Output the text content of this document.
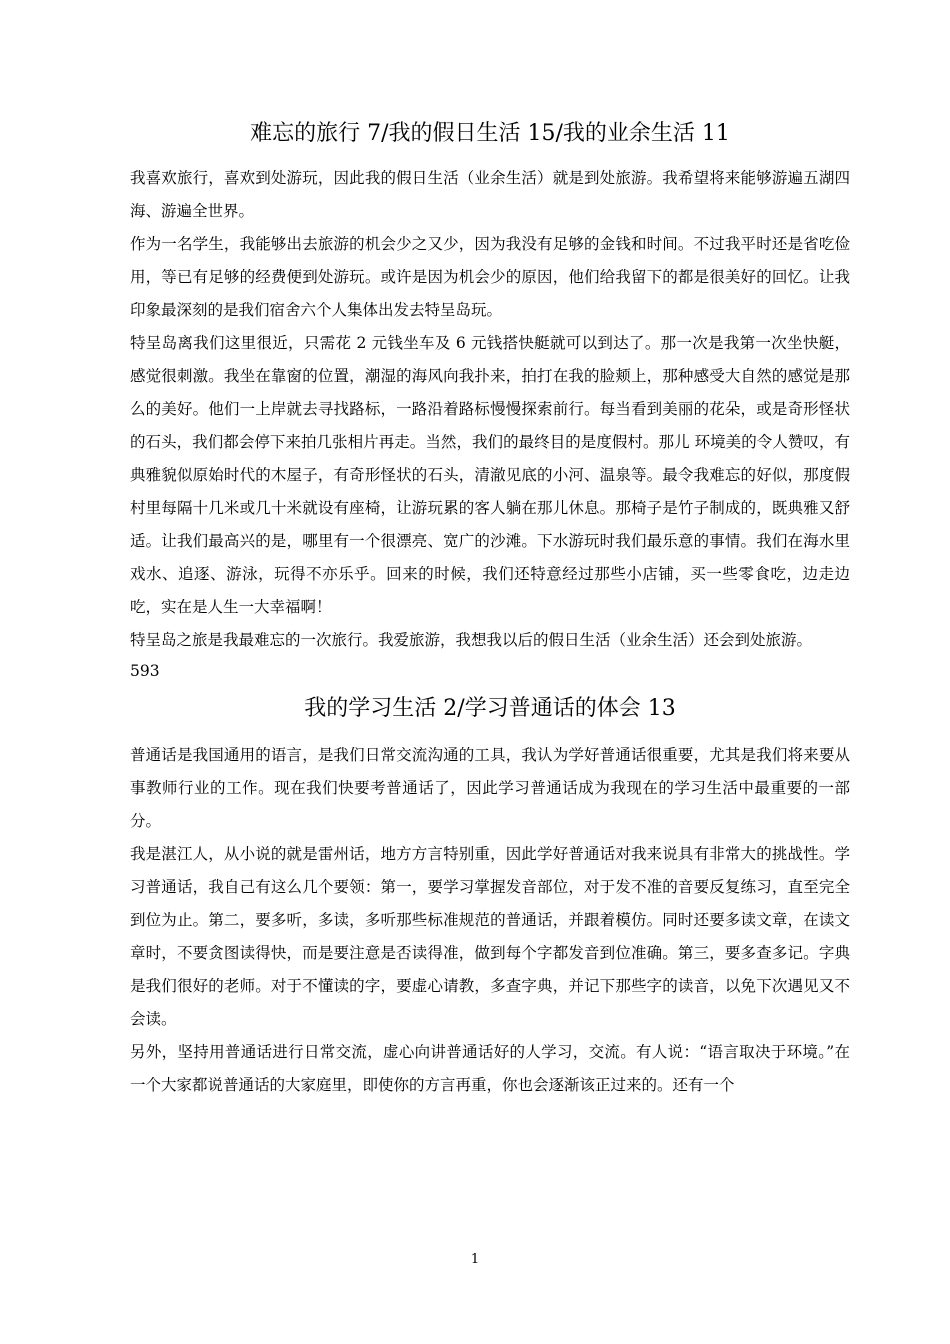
难忘的旅行 7/我的假日生活 15/我的业余生活 11

我喜欢旅行，喜欢到处游玩，因此我的假日生活（业余生活）就是到处旅游。我希望将来能够游遍五湖四海、游遍全世界。

作为一名学生，我能够出去旅游的机会少之又少，因为我没有足够的金钱和时间。不过我平时还是省吃俭用，等已有足够的经费便到处游玩。或许是因为机会少的原因，他们给我留下的都是很美好的回忆。让我印象最深刻的是我们宿舍六个人集体出发去特呈岛玩。

特呈岛离我们这里很近，只需花 2 元钱坐车及 6 元钱搭快艇就可以到达了。那一次是我第一次坐快艇，感觉很刺激。我坐在靠窗的位置，潮湿的海风向我扑来，拍打在我的脸颊上，那种感受大自然的感觉是那么的美好。他们一上岸就去寻找路标，一路沿着路标慢慢探索前行。每当看到美丽的花朵，或是奇形怪状的石头，我们都会停下来拍几张相片再走。当然，我们的最终目的是度假村。那儿 环境美的令人赞叹，有典雅貌似原始时代的木屋子，有奇形怪状的石头，清澈见底的小河、温泉等。最令我难忘的好似，那度假村里每隔十几米或几十米就设有座椅，让游玩累的客人躺在那儿休息。那椅子是竹子制成的，既典雅又舒适。让我们最高兴的是，哪里有一个很漂亮、宽广的沙滩。下水游玩时我们最乐意的事情。我们在海水里戏水、追逐、游泳，玩得不亦乐乎。回来的时候，我们还特意经过那些小店铺，买一些零食吃，边走边吃，实在是人生一大幸福啊！

特呈岛之旅是我最难忘的一次旅行。我爱旅游，我想我以后的假日生活（业余生活）还会到处旅游。

593

我的学习生活 2/学习普通话的体会 13

普通话是我国通用的语言，是我们日常交流沟通的工具，我认为学好普通话很重要，尤其是我们将来要从事教师行业的工作。现在我们快要考普通话了，因此学习普通话成为我现在的学习生活中最重要的一部分。

我是湛江人，从小说的就是雷州话，地方方言特别重，因此学好普通话对我来说具有非常大的挑战性。学习普通话，我自己有这么几个要领：第一，要学习掌握发音部位，对于发不准的音要反复练习，直至完全到位为止。第二，要多听，多读，多听那些标准规范的普通话，并跟着模仿。同时还要多读文章，在读文章时，不要贪图读得快，而是要注意是否读得准，做到每个字都发音到位准确。第三，要多查多记。字典是我们很好的老师。对于不懂读的字，要虚心请教，多查字典，并记下那些字的读音，以免下次遇见又不会读。

另外，坚持用普通话进行日常交流，虚心向讲普通话好的人学习，交流。有人说：“语言取决于环境。”在一个大家都说普通话的大家庭里，即使你的方言再重，你也会逐渐该正过来的。还有一个

1
